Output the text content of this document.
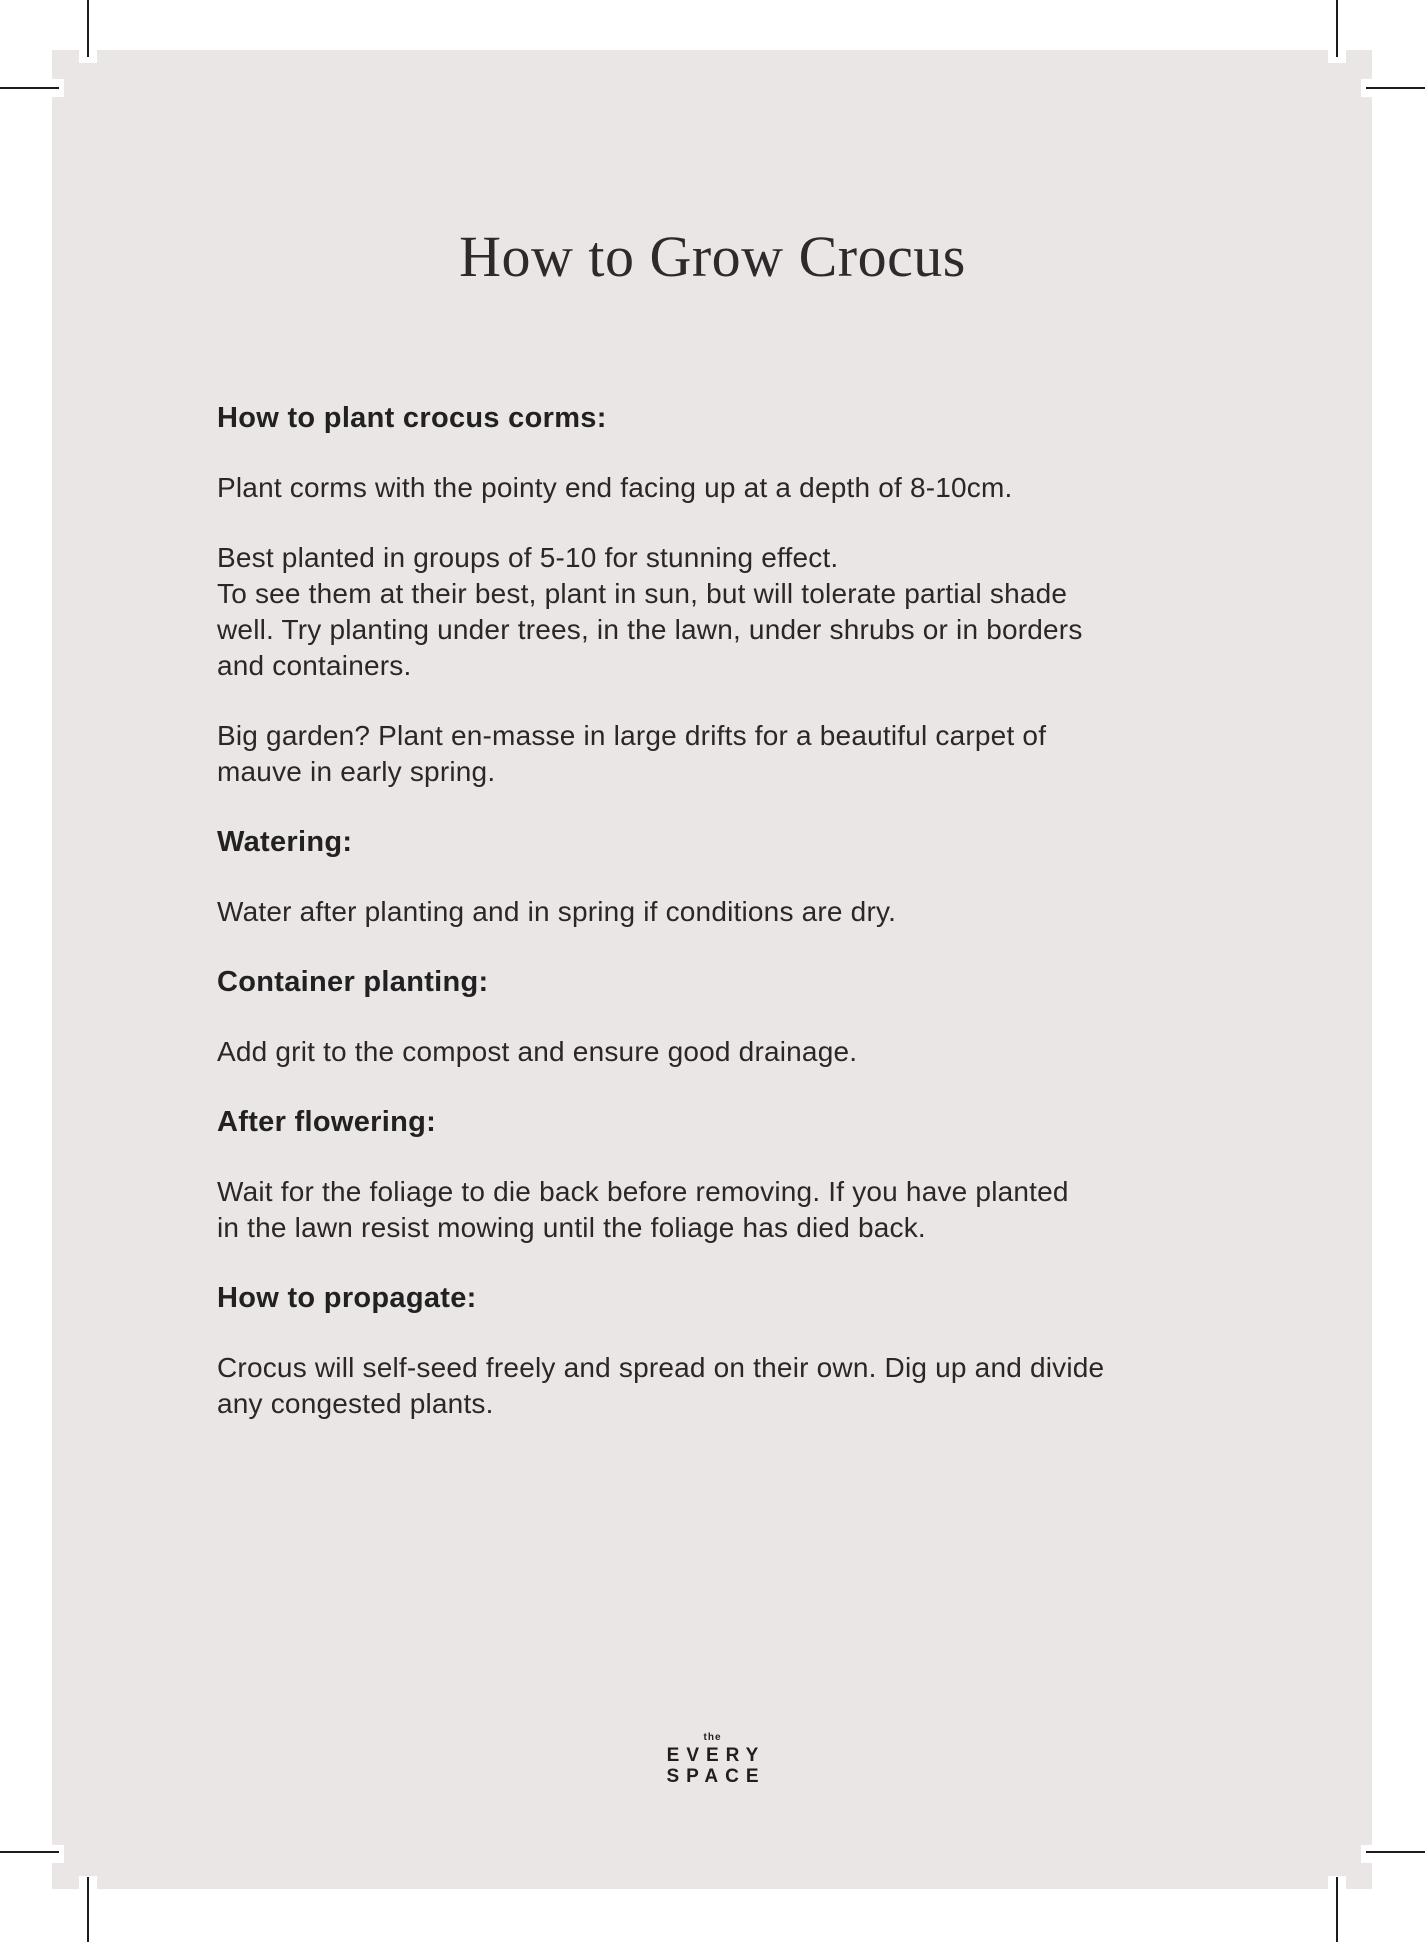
How to Grow Crocus
How to plant crocus corms:
Plant corms with the pointy end facing up at a depth of 8-10cm.
Best planted in groups of 5-10 for stunning effect.
To see them at their best, plant in sun, but will tolerate partial shade
well. Try planting under trees, in the lawn, under shrubs or in borders
and containers.
Big garden? Plant en-masse in large drifts for a beautiful carpet of
mauve in early spring.
Watering:
Water after planting and in spring if conditions are dry.
Container planting:
Add grit to the compost and ensure good drainage.
After flowering:
Wait for the foliage to die back before removing. If you have planted
in the lawn resist mowing until the foliage has died back.
How to propagate:
Crocus will self-seed freely and spread on their own. Dig up and divide
any congested plants.
the
EVERY
SPACE
